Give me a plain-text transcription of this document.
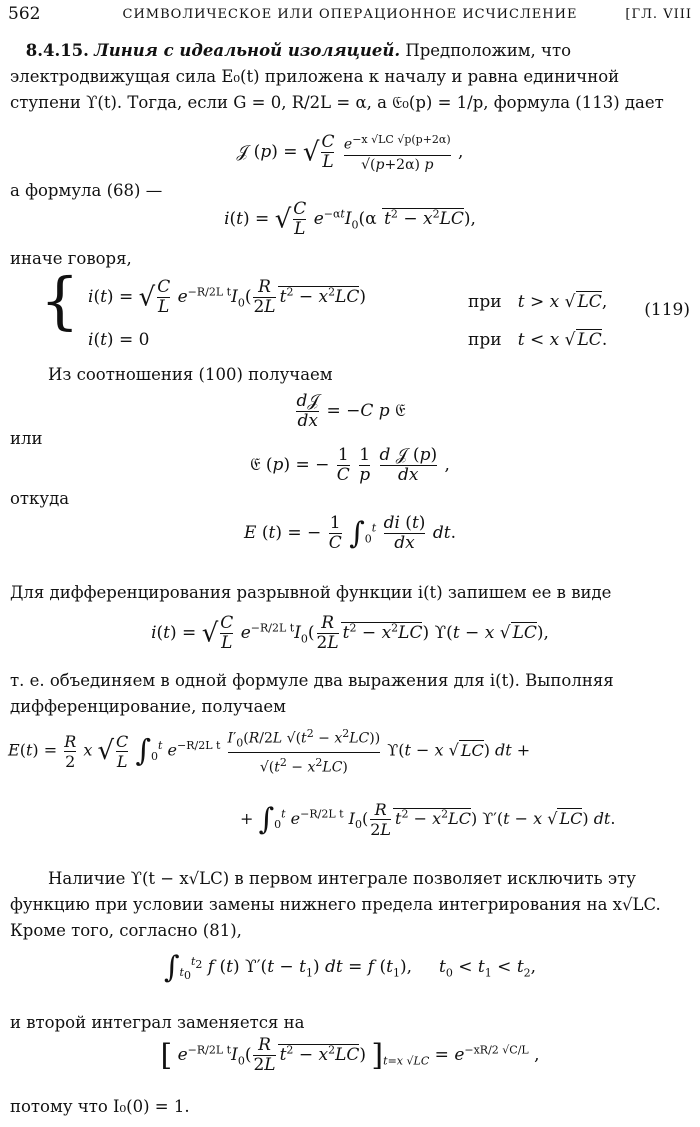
562	СИМВОЛИЧЕСКОЕ ИЛИ ОПЕРАЦИОННОЕ ИСЧИСЛЕНИЕ	[ГЛ. VIII
8.4.15. Линия с идеальной изоляцией. Предположим, что электродвижущая сила E₀(t) приложена к началу и равна единичной ступени ϒ(t). Тогда, если G = 0, R/2L = α, а 𝔈₀(p) = 1/p, формула (113) дает
𝒥 (p) = √ $\frac{C}{L}$
$\frac{e^{-x √LC √p(p+2\alpha)}}{√(p+2\alpha) p}$ ,
а формула (68) —
i(t) = √ $\frac{C}{L} e^{-\alpha t}I_0(\alpha$ $t^2 - x^2LC$),
иначе говоря,
{ i(t) = √ $\frac{C}{L} e^{-R/2L t}I_0( \frac{R}{2L} t^2 - x^2LC)$	при t > x √ LC,	(119)
i(t) = 0	при t < x √ LC.
Из соотношения (100) получаем
d𝒥
dx = −C p 𝔈
или
𝔈 (p) = − $\frac{1}{C}$
$\frac{1}{p}$
d 𝒥 (p)
dx	,
откуда
E (t) = − $\frac{1}{C} \int_0^t \frac{di (t)}{dx}$ dt.
Для дифференцирования разрывной функции i(t) запишем ее в виде
i(t) = √ $\frac{C}{L} e^{-R/2L t}I_0( \frac{R}{2L} t^2 - x^2LC) ϒ(t - x$ √ LC),
т. е. объединяем в одной формуле два выражения для i(t). Выполняя дифференцирование, получаем
$E(t) = \frac{R}{2}$ x √ $\frac{C}{L} \int_0^t$ $e^{-R/2L t} \frac{I'_0(R/2L √(t^2 - x^2LC))}{√(t^2 - x^2LC)} ϒ(t - x$ √ LC) dt +
+ $\int_0^t$ $e^{-R/2L t}$ $I_0( \frac{R}{2L} t^2 - x^2LC) ϒ'(t - x$ √ LC) dt.
Наличие ϒ(t − x√LC) в первом интеграле позволяет исключить эту функцию при условии замены нижнего предела интегрирования на x√LC. Кроме того, согласно (81),
$\int_{t_0}^{t_2}$ f (t) $ϒ'(t - t_1)$ dt = f $(t_1)$,     $t_0 < t_1 < t_2$,
и второй интеграл заменяется на
[ $e^{-R/2L t}I_0( \frac{R}{2L} t^2 - x^2LC) ]_{t=x √LC} = e^{-xR/2 √C/L}$ ,
потому что I₀(0) = 1.
